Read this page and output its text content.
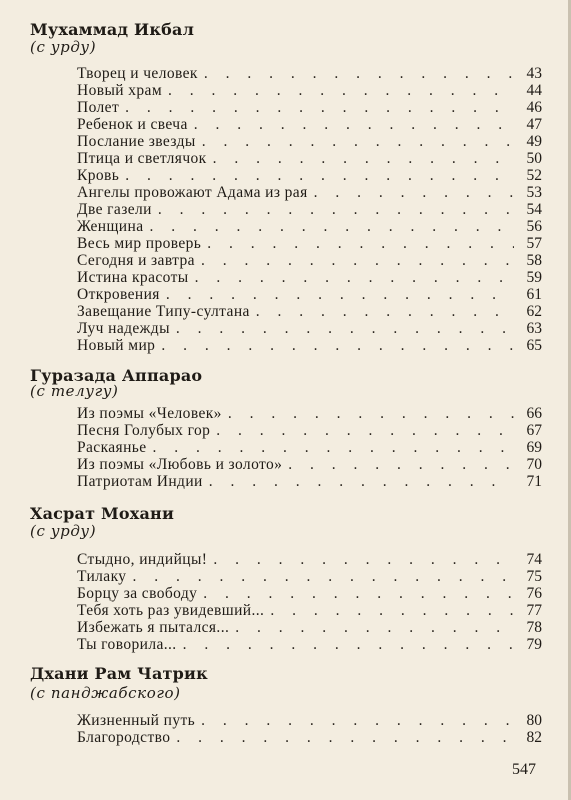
Мухаммад Икбал
(с урду)
Творец и человек . . .	43
Новый храм . . .	44
Полет . . .	46
Ребенок и свеча . . .	47
Послание звезды . . .	49
Птица и светлячок . . .	50
Кровь . . .	52
Ангелы провожают Адама из рая . . .	53
Две газели . . .	54
Женщина . . .	56
Весь мир проверь . . .	57
Сегодня и завтра . . .	58
Истина красоты . . .	59
Откровения . . .	61
Завещание Типу-султана . . .	62
Луч надежды . . .	63
Новый мир . . .	65
Гуразада Аппарао
(с телугу)
Из поэмы «Человек» . . .	66
Песня Голубых гор . . .	67
Раскаянье . . .	69
Из поэмы «Любовь и золото» . . .	70
Патриотам Индии . . .	71
Хасрат Мохани
(с урду)
Стыдно, индийцы! . . .	74
Тилаку . . .	75
Борцу за свободу . . .	76
Тебя хоть раз увидевший... . . .	77
Избежать я пытался... . . .	78
Ты говорила... . . .	79
Дхани Рам Чатрик
(с панджабского)
Жизненный путь . . .	80
Благородство . . .	82
547
